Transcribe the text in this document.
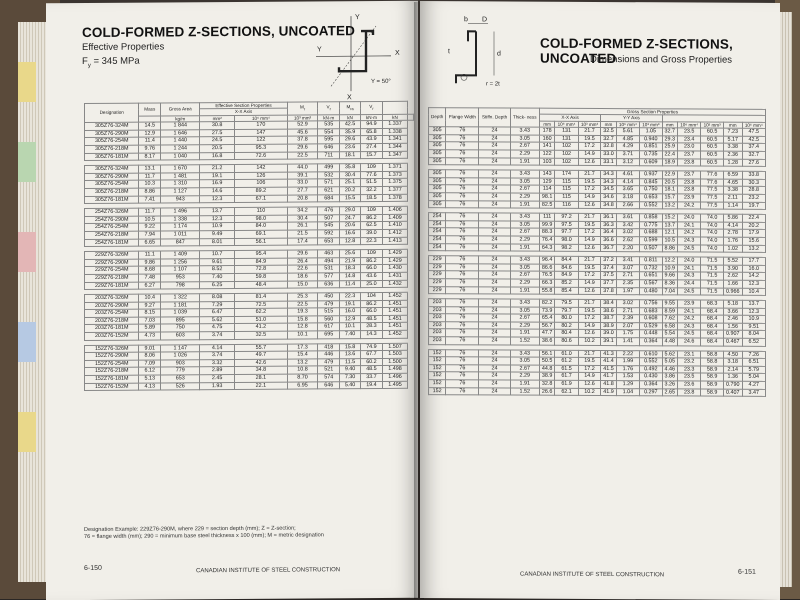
COLD-FORMED Z-SECTIONS, UNCOATED
Effective Properties
$F_y = 345$ MPa
Y
X
Y
Y = 50°
X
Designation	Mass	Gross Area	Effective Section Properties		$M_r$	$V_r$	$M_{ra}$	$V_r$	
			X-X Axis							
		kg/m	mm²	10⁶ mm⁴	10³ mm³	kN·m	kN	kN·m	kN	
305Z76-324M	14.5	1 844	30.8	170	52.9	535	42.5	94.9	1.337	
305Z76-290M	12.9	1 646	27.5	147	45.6	554	35.9	65.8	1.338	
305Z76-254M	11.4	1 440	24.5	122	37.8	595	29.6	43.9	1.341	
305Z76-218M	9.76	1 244	20.5	95.3	29.6	646	23.6	27.4	1.344	
305Z76-181M	8.17	1 040	16.8	72.6	22.5	711	18.1	15.7	1.347	

305Z76-324M	13.1	1 670	21.2	142	44.0	499	35.8	109	1.371	
305Z76-290M	11.7	1 481	19.1	126	39.1	532	30.4	77.6	1.373	
305Z76-254M	10.3	1 310	16.9	106	33.0	571	25.1	51.5	1.375	
305Z76-218M	8.86	1 127	14.6	89.2	27.7	621	20.2	32.2	1.377	
305Z76-181M	7.41	943	12.3	67.1	20.8	684	15.5	18.5	1.378	

254Z76-326M	11.7	1 496	13.7	110	34.2	476	29.0	109	1.406	
254Z76-290M	10.5	1 338	12.3	98.0	30.4	507	24.7	86.2	1.409	
254Z76-254M	9.22	1 174	10.9	84.0	26.1	545	20.6	62.5	1.410	
254Z76-218M	7.94	1 011	9.49	69.1	21.5	592	16.6	39.0	1.412	
254Z76-181M	6.65	847	8.01	56.1	17.4	653	12.8	22.3	1.413	

229Z76-326M	11.1	1 409	10.7	95.4	29.6	463	25.6	109	1.429	
229Z76-290M	9.86	1 256	9.61	84.9	26.4	494	21.9	86.2	1.429	
229Z76-254M	8.68	1 107	8.52	72.8	22.6	531	18.3	66.0	1.430	
229Z76-218M	7.48	953	7.40	59.8	18.6	577	14.8	43.6	1.431	
229Z76-181M	6.27	798	6.25	48.4	15.0	636	11.4	25.0	1.432	

203Z76-326M	10.4	1 322	8.08	81.4	25.3	450	22.3	104	1.452	
203Z76-290M	9.27	1 181	7.29	72.5	22.5	479	19.1	86.2	1.451	
203Z76-254M	8.15	1 039	6.47	62.2	19.3	515	16.0	66.0	1.451	
203Z76-218M	7.03	895	5.62	51.0	15.8	560	12.9	48.5	1.451	
203Z76-181M	5.89	750	4.75	41.2	12.8	617	10.1	28.3	1.451	
203Z76-152M	4.73	603	3.74	32.5	10.1	695	7.40	14.3	1.452	

152Z76-326M	9.01	1 147	4.14	55.7	17.3	418	15.8	74.9	1.507	
152Z76-290M	8.06	1 026	3.74	49.7	15.4	446	13.6	67.7	1.503	
152Z76-254M	7.09	903	3.32	42.6	13.2	479	11.5	60.2	1.500	
152Z76-218M	6.12	779	2.89	34.8	10.8	521	9.40	48.5	1.498	
152Z76-181M	5.13	653	2.45	28.1	8.70	574	7.30	33.7	1.496	
152Z76-152M	4.13	526	1.93	22.1	6.95	646	5.40	19.4	1.495	
Designation Example: 229Z76-290M, where 229 = section depth (mm); Z = Z-section;
76 = flange width (mm); 290 = minimum base steel thickness x 100 (mm); M = metric designation
6-150	CANADIAN INSTITUTE OF STEEL CONSTRUCTION
b D
t	d
r = 2t
COLD-FORMED Z-SECTIONS, UNCOATED
Dimensions and Gross Properties
Depth	Flange Width	Stiffn. Depth	Thick- ness	Gross Section Properties										
				X-X Axis			Y-Y Axis							
				mm	10⁶ mm⁴	10³ mm³	mm	10⁶ mm⁴	10³ mm³	mm	10⁶ mm⁴	10³ mm³	mm	10⁶ mm⁴
305	76	24	3.43	178	131	21.7	32.5	5.61	1.05	32.7	23.5	60.5	7.23	47.5
305	76	24	3.05	160	131	19.5	32.7	4.85	0.940	29.3	23.4	60.5	5.17	42.5
305	76	24	2.67	141	102	17.2	32.8	4.29	0.851	25.9	23.0	60.5	3.38	37.4
305	76	24	2.29	122	102	14.9	33.0	3.71	0.735	22.4	23.7	60.5	2.36	32.7
305	76	24	1.91	103	102	12.6	33.1	3.12	0.609	18.9	23.8	60.5	1.28	27.6

305	76	24	3.43	143	174	21.7	34.3	4.61	0.937	22.9	23.7	77.6	6.59	33.8
305	76	24	3.05	129	115	19.5	34.3	4.14	0.845	20.5	23.8	77.6	4.65	30.3
305	76	24	2.67	114	115	17.2	34.5	3.65	0.750	18.1	23.8	77.5	3.38	28.8
305	76	24	2.29	98.1	115	14.9	34.6	3.18	0.653	15.7	23.9	77.5	2.11	23.2
305	76	24	1.91	82.5	116	12.6	34.8	2.66	0.552	13.2	24.2	77.5	1.14	19.7

254	76	24	3.43	111	97.2	21.7	36.1	3.61	0.858	15.2	24.0	74.0	5.86	22.4
254	76	24	3.05	99.9	97.5	19.5	36.3	3.42	0.775	13.7	24.1	74.0	4.14	20.2
254	76	24	2.67	88.3	97.7	17.2	36.4	3.02	0.688	12.1	24.2	74.0	2.78	17.9
254	76	24	2.29	76.4	98.0	14.9	36.6	2.62	0.599	10.5	24.3	74.0	1.76	15.6
254	76	24	1.91	64.3	98.2	12.6	36.7	2.20	0.507	8.86	24.5	74.0	1.02	13.2

229	76	24	3.43	96.4	84.4	21.7	37.2	3.41	0.811	12.2	24.0	71.5	5.52	17.7
229	76	24	3.05	86.6	84.6	19.5	37.4	3.07	0.732	10.9	24.1	71.5	3.90	16.0
229	76	24	2.67	76.5	84.9	17.2	37.5	2.71	0.651	9.66	24.3	71.5	2.62	14.2
229	76	24	2.29	66.3	85.2	14.9	37.7	2.35	0.567	8.36	24.4	71.5	1.66	12.3
229	76	24	1.91	55.8	85.4	12.6	37.8	1.97	0.480	7.04	24.5	71.5	0.966	10.4

203	76	24	3.43	82.2	79.5	21.7	38.4	3.02	0.756	9.55	23.9	68.3	5.18	13.7
203	76	24	3.05	73.9	79.7	19.5	38.6	2.71	0.683	8.59	24.1	68.4	3.66	12.3
203	76	24	2.67	65.4	80.0	17.2	38.7	2.39	0.608	7.62	24.2	68.4	2.46	10.9
203	76	24	2.29	56.7	80.2	14.9	38.9	2.07	0.529	6.58	24.3	68.4	1.56	9.51
203	76	24	1.91	47.7	80.4	12.6	39.0	1.75	0.448	5.54	24.5	68.4	0.907	8.04
203	76	24	1.52	38.6	80.6	10.2	39.1	1.41	0.364	4.48	24.6	68.4	0.467	6.52

152	76	24	3.43	56.1	61.0	21.7	41.3	2.22	0.610	5.62	23.1	58.8	4.50	7.26
152	76	24	3.05	50.5	61.2	19.5	41.4	1.99	0.552	5.05	23.2	58.8	3.18	6.51
152	76	24	2.67	44.8	61.5	17.2	41.5	1.76	0.492	4.46	23.3	58.9	2.14	5.79
152	76	24	2.29	38.9	61.7	14.9	41.7	1.53	0.430	3.86	23.5	58.9	1.36	5.04
152	76	24	1.91	32.8	61.9	12.6	41.8	1.29	0.364	3.26	23.6	58.9	0.790	4.27
152	76	24	1.52	26.6	62.1	10.2	41.9	1.04	0.297	2.65	23.8	58.9	0.407	3.47
CANADIAN INSTITUTE OF STEEL CONSTRUCTION	6-151
